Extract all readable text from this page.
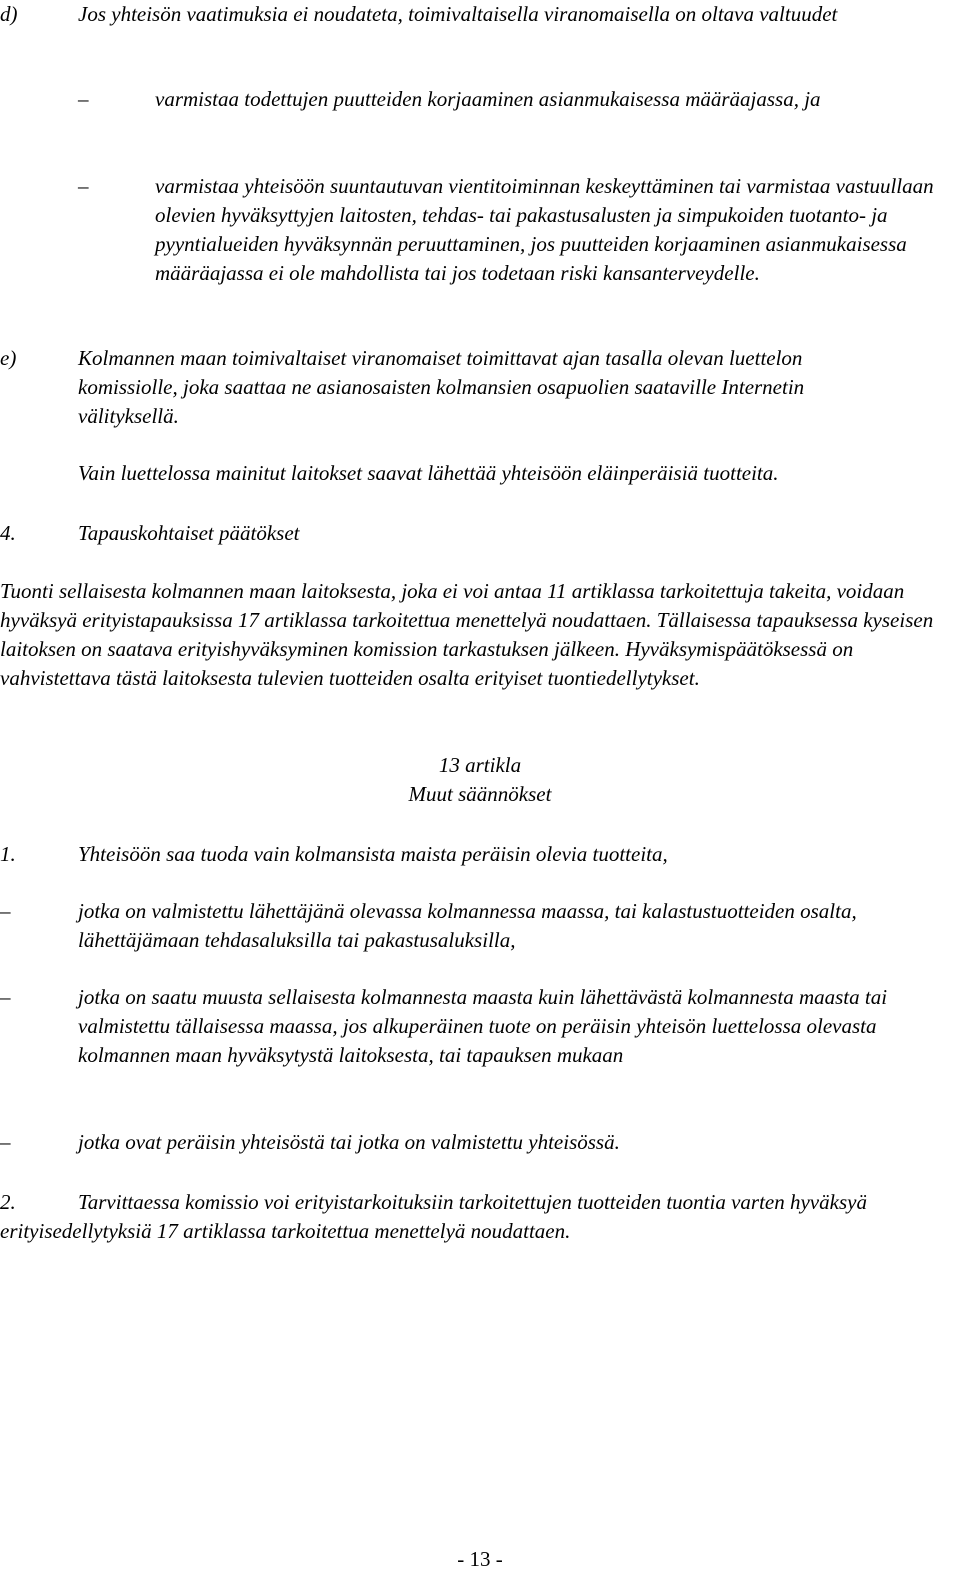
d)	Jos yhteisön vaatimuksia ei noudateta, toimivaltaisella viranomaisella on oltava valtuudet

–	varmistaa todettujen puutteiden korjaaminen asianmukaisessa määräajassa, ja

–	varmistaa yhteisöön suuntautuvan vientitoiminnan keskeyttäminen tai varmistaa vastuullaan olevien hyväksyttyjen laitosten, tehdas- tai pakastusalusten ja simpukoiden tuotanto- ja pyyntialueiden hyväksynnän peruuttaminen, jos puutteiden korjaaminen asianmukaisessa määräajassa ei ole mahdollista tai jos todetaan riski kansanterveydelle.

e)	Kolmannen maan toimivaltaiset viranomaiset toimittavat ajan tasalla olevan luettelon komissiolle, joka saattaa ne asianosaisten kolmansien osapuolien saataville Internetin välityksellä.

Vain luettelossa mainitut laitokset saavat lähettää yhteisöön eläinperäisiä tuotteita.

4.	Tapauskohtaiset päätökset

Tuonti sellaisesta kolmannen maan laitoksesta, joka ei voi antaa 11 artiklassa tarkoitettuja takeita, voidaan hyväksyä erityistapauksissa 17 artiklassa tarkoitettua menettelyä noudattaen. Tällaisessa tapauksessa kyseisen laitoksen on saatava erityishyväksyminen komission tarkastuksen jälkeen. Hyväksymispäätöksessä on vahvistettava tästä laitoksesta tulevien tuotteiden osalta erityiset tuontiedellytykset.

13 artikla

Muut säännökset

1.	Yhteisöön saa tuoda vain kolmansista maista peräisin olevia tuotteita,

–	jotka on valmistettu lähettäjänä olevassa kolmannessa maassa, tai kalastustuotteiden osalta, lähettäjämaan tehdasaluksilla tai pakastusaluksilla,

–	jotka on saatu muusta sellaisesta kolmannesta maasta kuin lähettävästä kolmannesta maasta tai valmistettu tällaisessa maassa, jos alkuperäinen tuote on peräisin yhteisön luettelossa olevasta kolmannen maan hyväksytystä laitoksesta, tai tapauksen mukaan

–	jotka ovat peräisin yhteisöstä tai jotka on valmistettu yhteisössä.

2.	Tarvittaessa komissio voi erityistarkoituksiin tarkoitettujen tuotteiden tuontia varten hyväksyä erityisedellytyksiä 17 artiklassa tarkoitettua menettelyä noudattaen.

- 13 -
